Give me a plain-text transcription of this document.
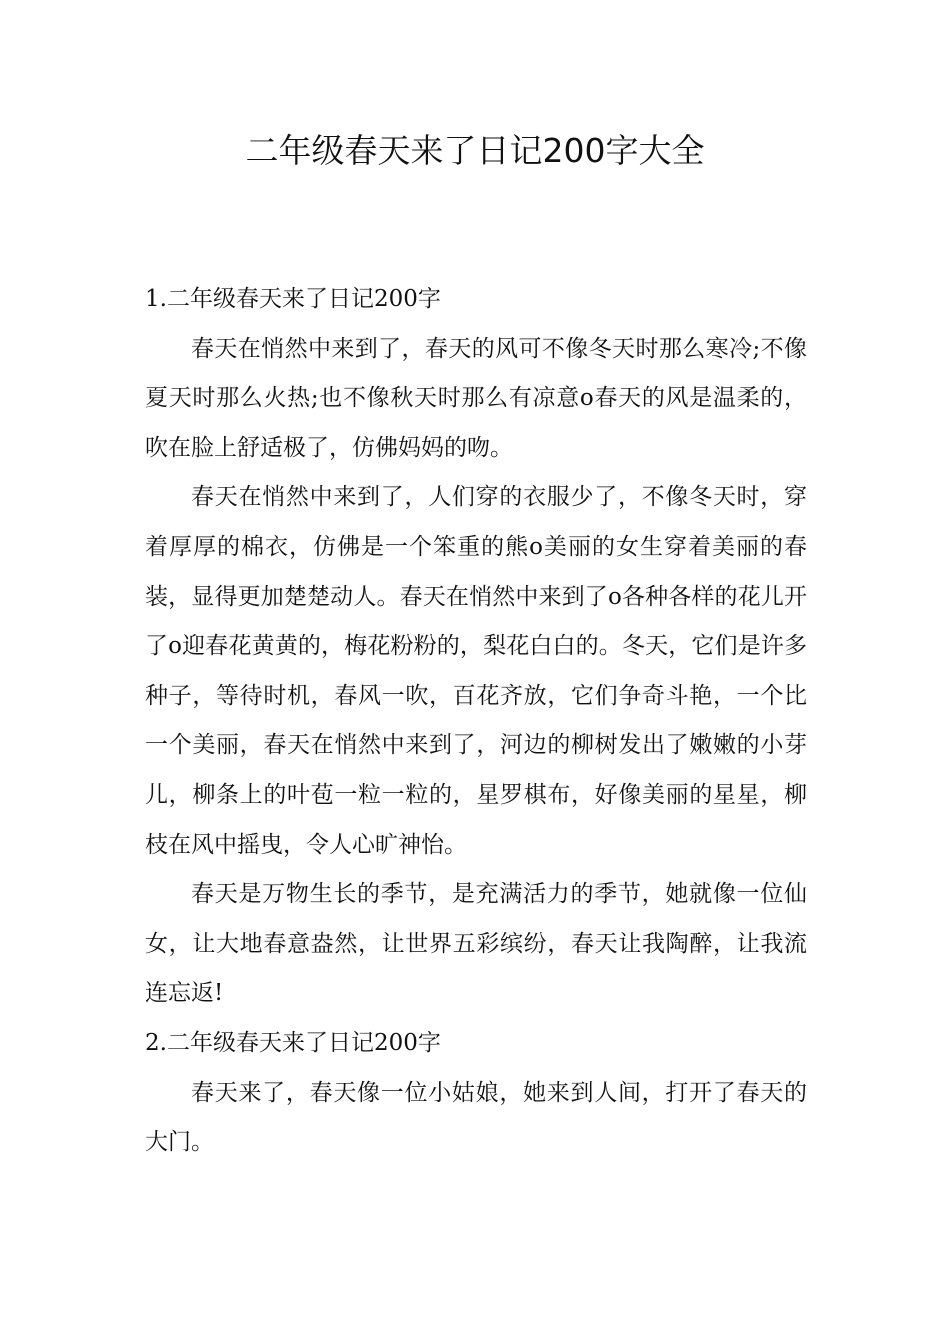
二年级春天来了日记200字大全

1.二年级春天来了日记200字

春天在悄然中来到了，春天的风可不像冬天时那么寒冷;不像夏天时那么火热;也不像秋天时那么有凉意o春天的风是温柔的，吹在脸上舒适极了，仿佛妈妈的吻。

春天在悄然中来到了，人们穿的衣服少了，不像冬天时，穿着厚厚的棉衣，仿佛是一个笨重的熊o美丽的女生穿着美丽的春装，显得更加楚楚动人。春天在悄然中来到了o各种各样的花儿开了o迎春花黄黄的，梅花粉粉的，梨花白白的。冬天，它们是许多种子，等待时机，春风一吹，百花齐放，它们争奇斗艳，一个比一个美丽，春天在悄然中来到了，河边的柳树发出了嫩嫩的小芽儿，柳条上的叶苞一粒一粒的，星罗棋布，好像美丽的星星，柳枝在风中摇曳，令人心旷神怡。

春天是万物生长的季节，是充满活力的季节，她就像一位仙女，让大地春意盎然，让世界五彩缤纷，春天让我陶醉，让我流连忘返!

2.二年级春天来了日记200字

春天来了，春天像一位小姑娘，她来到人间，打开了春天的大门。
